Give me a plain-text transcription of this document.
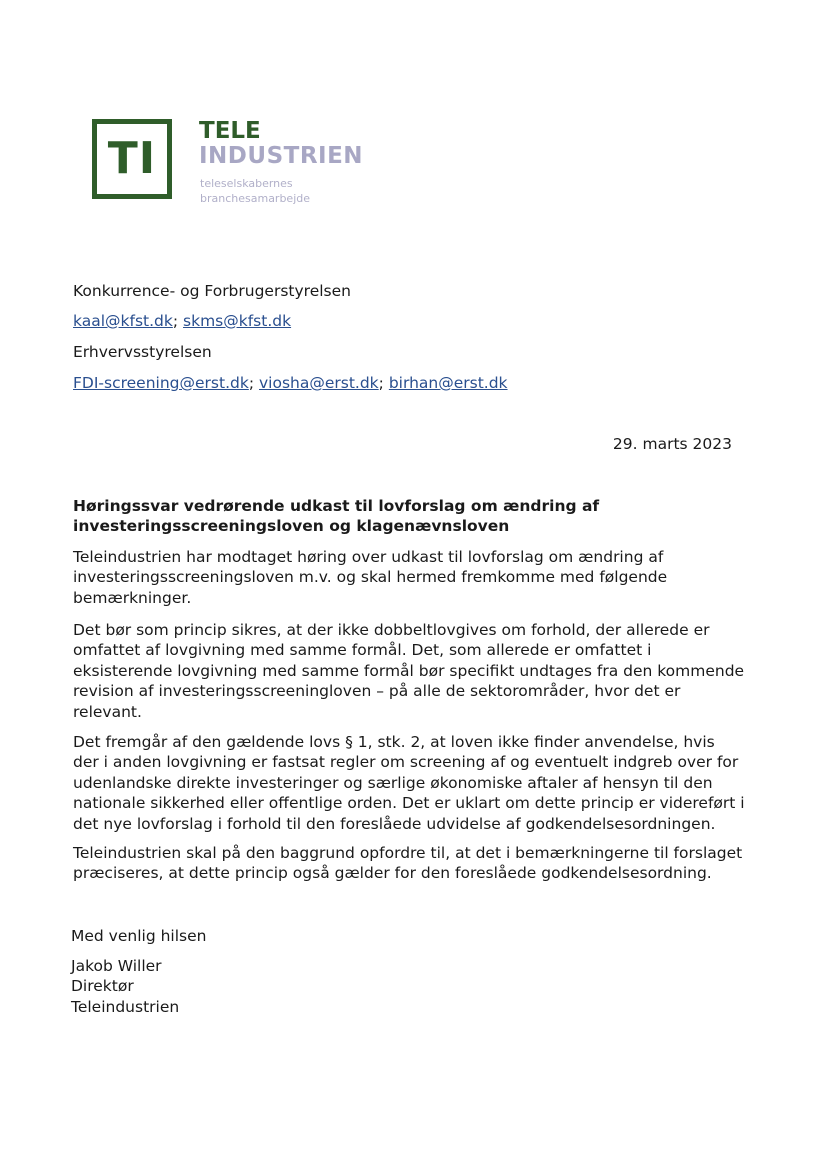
TI
TELE
INDUSTRIEN
teleselskabernes
branchesamarbejde
Konkurrence- og Forbrugerstyrelsen
kaal@kfst.dk; skms@kfst.dk
Erhvervsstyrelsen
FDI-screening@erst.dk; viosha@erst.dk; birhan@erst.dk
29. marts 2023
Høringssvar vedrørende udkast til lovforslag om ændring af
investeringsscreeningsloven og klagenævnsloven
Teleindustrien har modtaget høring over udkast til lovforslag om ændring af
investeringsscreeningsloven m.v. og skal hermed fremkomme med følgende
bemærkninger.
Det bør som princip sikres, at der ikke dobbeltlovgives om forhold, der allerede er
omfattet af lovgivning med samme formål. Det, som allerede er omfattet i
eksisterende lovgivning med samme formål bør specifikt undtages fra den kommende
revision af investeringsscreeningloven – på alle de sektorområder, hvor det er
relevant.
Det fremgår af den gældende lovs § 1, stk. 2, at loven ikke finder anvendelse, hvis
der i anden lovgivning er fastsat regler om screening af og eventuelt indgreb over for
udenlandske direkte investeringer og særlige økonomiske aftaler af hensyn til den
nationale sikkerhed eller offentlige orden. Det er uklart om dette princip er videreført i
det nye lovforslag i forhold til den foreslåede udvidelse af godkendelsesordningen.
Teleindustrien skal på den baggrund opfordre til, at det i bemærkningerne til forslaget
præciseres, at dette princip også gælder for den foreslåede godkendelsesordning.
Med venlig hilsen
Jakob Willer
Direktør
Teleindustrien
